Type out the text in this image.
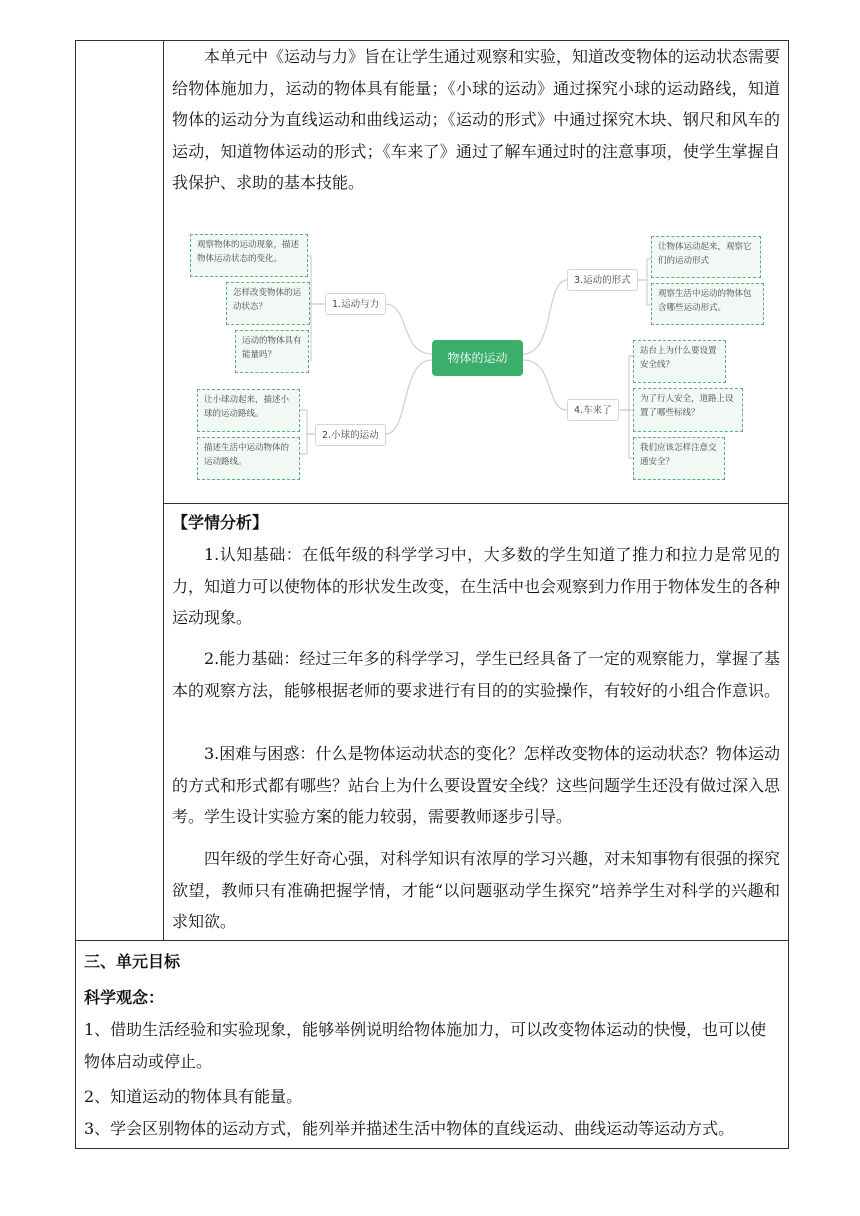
本单元中《运动与力》旨在让学生通过观察和实验，知道改变物体的运动状态需要给物体施加力，运动的物体具有能量；《小球的运动》通过探究小球的运动路线，知道物体的运动分为直线运动和曲线运动；《运动的形式》中通过探究木块、钢尺和风车的运动，知道物体运动的形式；《车来了》通过了解车通过时的注意事项，使学生掌握自我保护、求助的基本技能。

物体的运动
1.运动与力
观察物体的运动现象，描述物体运动状态的变化。
怎样改变物体的运动状态？
运动的物体具有能量吗？
2.小球的运动
让小球动起来，描述小球的运动路线。
描述生活中运动物体的运动路线。
3.运动的形式
让物体运动起来，观察它们的运动形式
观察生活中运动的物体包含哪些运动形式。
4.车来了
站台上为什么要设置安全线？
为了行人安全，道路上设置了哪些标线？
我们应该怎样注意交通安全？

【学情分析】

1.认知基础：在低年级的科学学习中，大多数的学生知道了推力和拉力是常见的力，知道力可以使物体的形状发生改变，在生活中也会观察到力作用于物体发生的各种运动现象。

2.能力基础：经过三年多的科学学习，学生已经具备了一定的观察能力，掌握了基本的观察方法，能够根据老师的要求进行有目的的实验操作，有较好的小组合作意识。

3.困难与困惑：什么是物体运动状态的变化？怎样改变物体的运动状态？物体运动的方式和形式都有哪些？站台上为什么要设置安全线？这些问题学生还没有做过深入思考。学生设计实验方案的能力较弱，需要教师逐步引导。

四年级的学生好奇心强，对科学知识有浓厚的学习兴趣，对未知事物有很强的探究欲望，教师只有准确把握学情，才能“以问题驱动学生探究”培养学生对科学的兴趣和求知欲。

三、单元目标

科学观念：

1、借助生活经验和实验现象，能够举例说明给物体施加力，可以改变物体运动的快慢，也可以使物体启动或停止。

2、知道运动的物体具有能量。

3、学会区别物体的运动方式，能列举并描述生活中物体的直线运动、曲线运动等运动方式。
